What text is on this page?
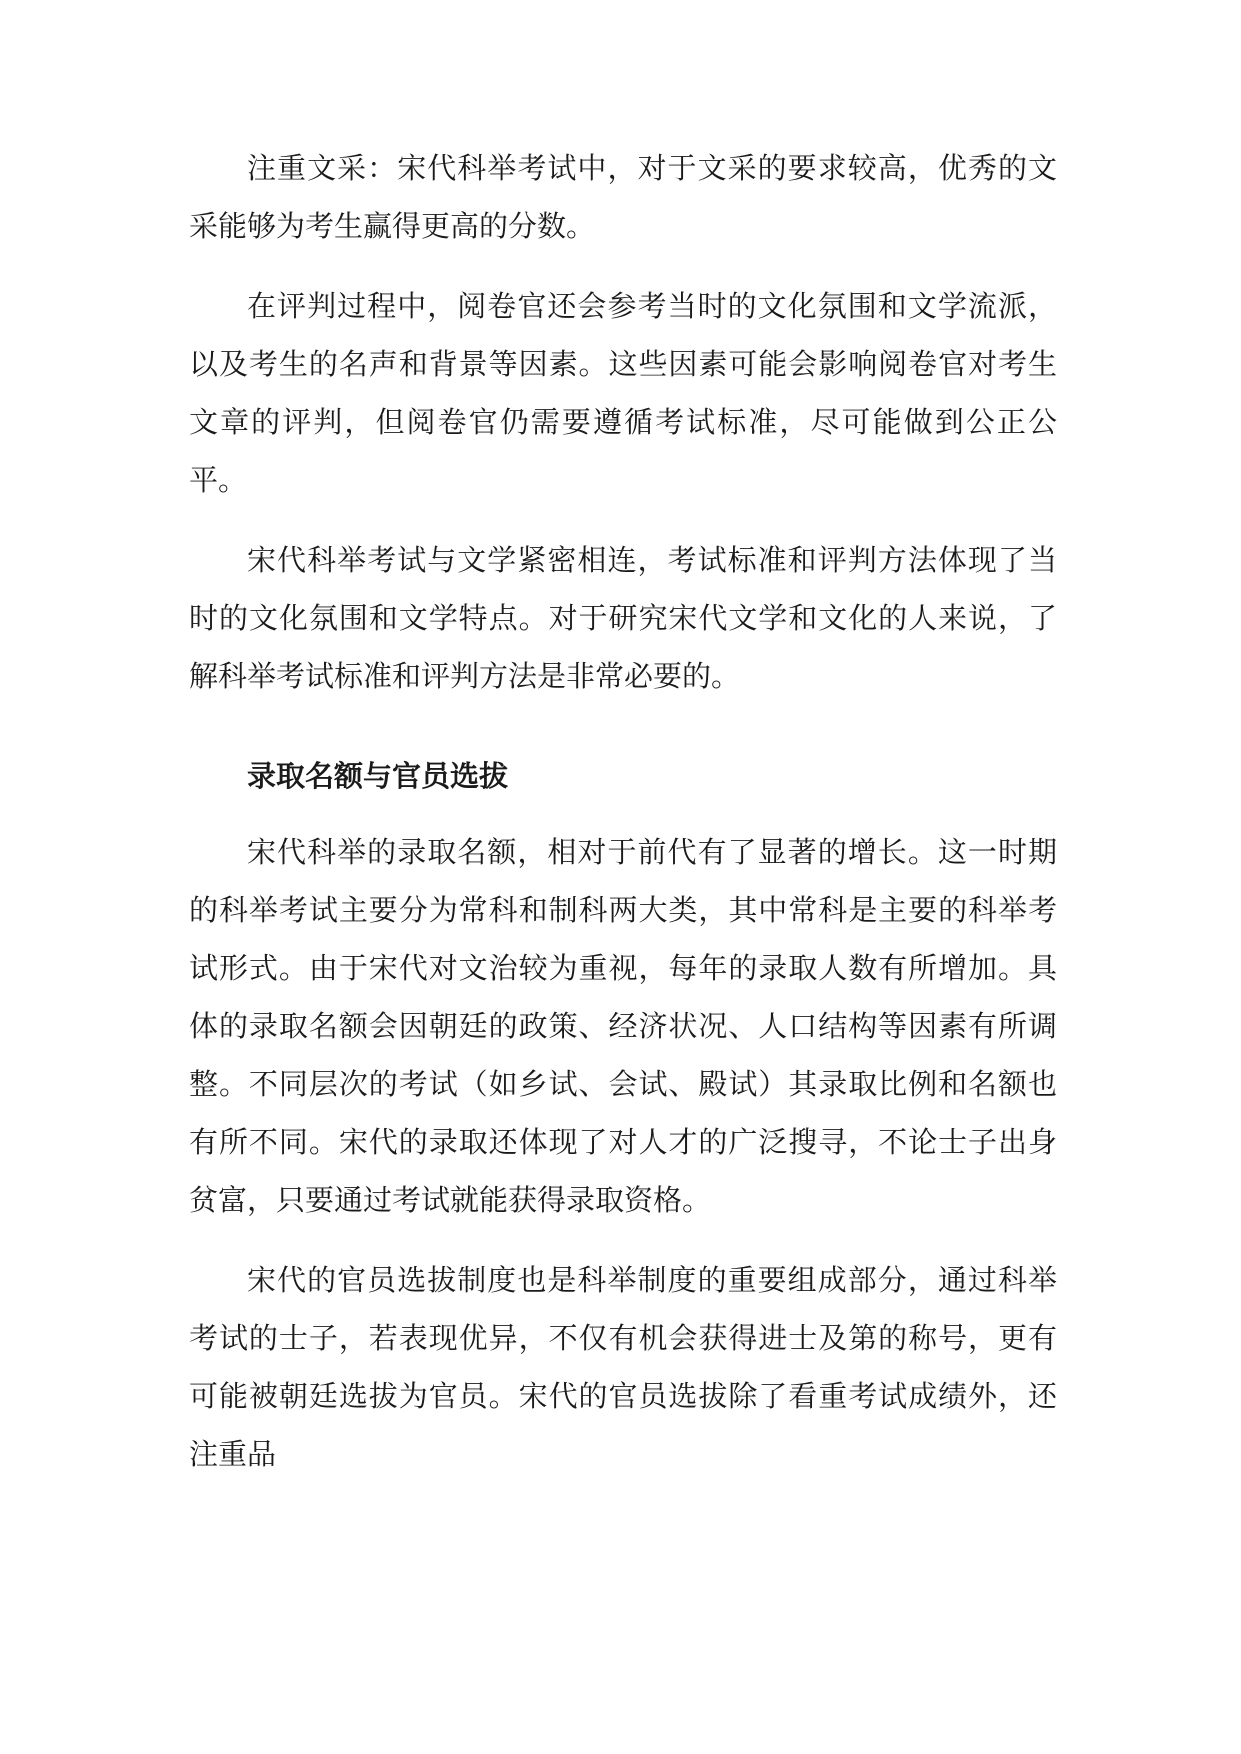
注重文采：宋代科举考试中，对于文采的要求较高，优秀的文采能够为考生赢得更高的分数。

在评判过程中，阅卷官还会参考当时的文化氛围和文学流派，以及考生的名声和背景等因素。这些因素可能会影响阅卷官对考生文章的评判，但阅卷官仍需要遵循考试标准，尽可能做到公正公平。

宋代科举考试与文学紧密相连，考试标准和评判方法体现了当时的文化氛围和文学特点。对于研究宋代文学和文化的人来说，了解科举考试标准和评判方法是非常必要的。

录取名额与官员选拔

宋代科举的录取名额，相对于前代有了显著的增长。这一时期的科举考试主要分为常科和制科两大类，其中常科是主要的科举考试形式。由于宋代对文治较为重视，每年的录取人数有所增加。具体的录取名额会因朝廷的政策、经济状况、人口结构等因素有所调整。不同层次的考试（如乡试、会试、殿试）其录取比例和名额也有所不同。宋代的录取还体现了对人才的广泛搜寻，不论士子出身贫富，只要通过考试就能获得录取资格。

宋代的官员选拔制度也是科举制度的重要组成部分，通过科举考试的士子，若表现优异，不仅有机会获得进士及第的称号，更有可能被朝廷选拔为官员。宋代的官员选拔除了看重考试成绩外，还注重品
